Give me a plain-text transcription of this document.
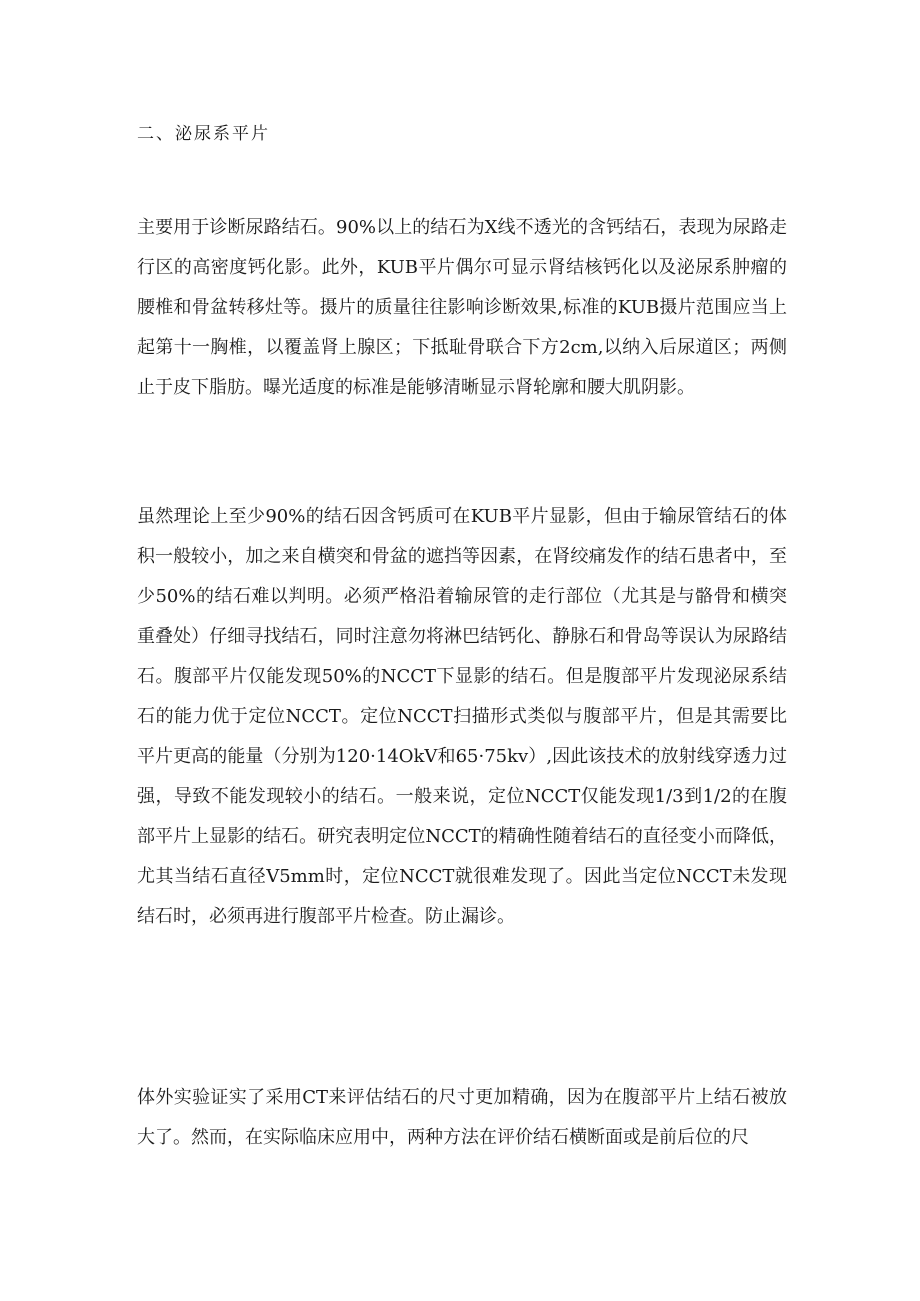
二、泌尿系平片

主要用于诊断尿路结石。90%以上的结石为X线不透光的含钙结石，表现为尿路走行区的高密度钙化影。此外，KUB平片偶尔可显示肾结核钙化以及泌尿系肿瘤的腰椎和骨盆转移灶等。摄片的质量往往影响诊断效果,标准的KUB摄片范围应当上起第十一胸椎，以覆盖肾上腺区；下抵耻骨联合下方2cm,以纳入后尿道区；两侧止于皮下脂肪。曝光适度的标准是能够清晰显示肾轮廓和腰大肌阴影。

虽然理论上至少90%的结石因含钙质可在KUB平片显影，但由于输尿管结石的体积一般较小，加之来自横突和骨盆的遮挡等因素，在肾绞痛发作的结石患者中，至少50%的结石难以判明。必须严格沿着输尿管的走行部位（尤其是与骼骨和横突重叠处）仔细寻找结石，同时注意勿将淋巴结钙化、静脉石和骨岛等误认为尿路结石。腹部平片仅能发现50%的NCCT下显影的结石。但是腹部平片发现泌尿系结石的能力优于定位NCCT。定位NCCT扫描形式类似与腹部平片，但是其需要比平片更高的能量（分别为120·14OkV和65·75kv）,因此该技术的放射线穿透力过强，导致不能发现较小的结石。一般来说，定位NCCT仅能发现1/3到1/2的在腹部平片上显影的结石。研究表明定位NCCT的精确性随着结石的直径变小而降低，尤其当结石直径V5mm时，定位NCCT就很难发现了。因此当定位NCCT未发现结石时，必须再进行腹部平片检查。防止漏诊。

体外实验证实了采用CT来评估结石的尺寸更加精确，因为在腹部平片上结石被放大了。然而，在实际临床应用中，两种方法在评价结石横断面或是前后位的尺
